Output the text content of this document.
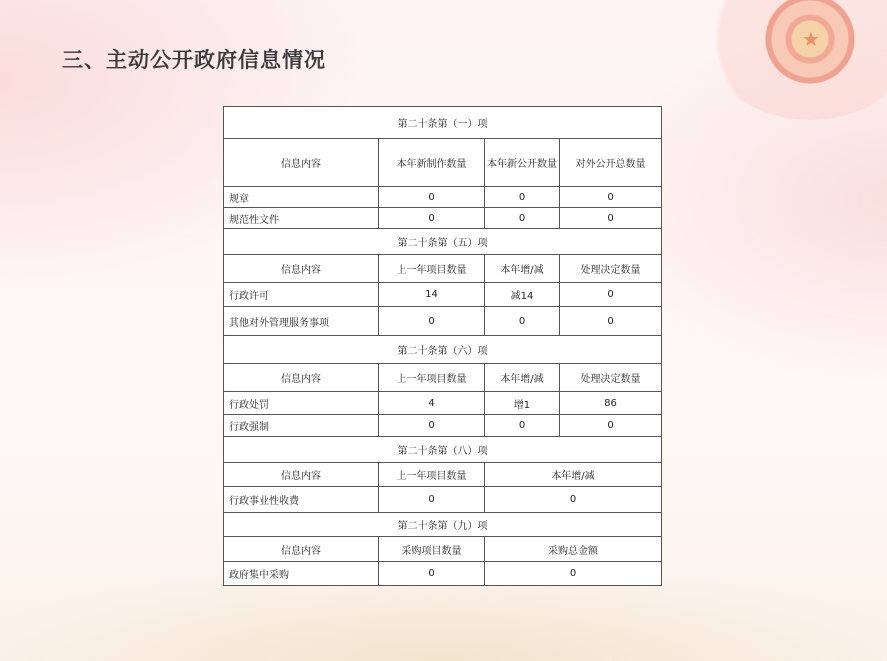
★
三、主动公开政府信息情况
第二十条第（一）项			
信息内容	本年新制作数量	本年新公开数量	对外公开总数量
规章	0	0	0
规范性文件	0	0	0
第二十条第（五）项			
信息内容	上一年项目数量	本年增/减	处理决定数量
行政许可	14	减14	0
其他对外管理服务事项	0	0	0
第二十条第（六）项			
信息内容	上一年项目数量	本年增/减	处理决定数量
行政处罚	4	增1	86
行政强制	0	0	0
第二十条第（八）项			
信息内容	上一年项目数量	本年增/减	
行政事业性收费	0	0	
第二十条第（九）项			
信息内容	采购项目数量	采购总金额	
政府集中采购	0	0	
